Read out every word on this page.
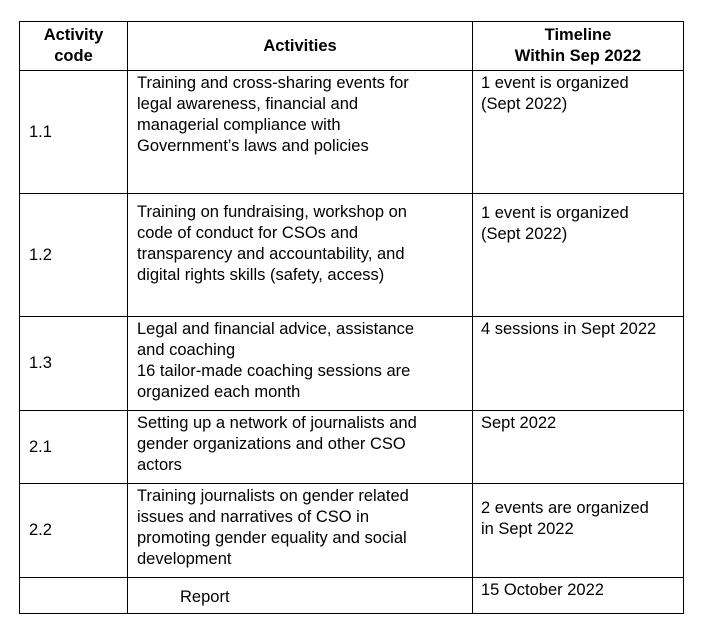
Activity
code	Activities	Timeline
Within Sep 2022

1.1	Training and cross-sharing events for
legal awareness, financial and
managerial compliance with
Government’s laws and policies	1 event is organized
(Sept 2022)

1.2	Training on fundraising, workshop on
code of conduct for CSOs and
transparency and accountability, and
digital rights skills (safety, access)	1 event is organized
(Sept 2022)

1.3	Legal and financial advice, assistance
and coaching
16 tailor-made coaching sessions are
organized each month	4 sessions in Sept 2022

2.1	Setting up a network of journalists and
gender organizations and other CSO
actors	Sept 2022

2.2	Training journalists on gender related
issues and narratives of CSO in
promoting gender equality and social
development	2 events are organized
in Sept 2022

	Report	15 October 2022
